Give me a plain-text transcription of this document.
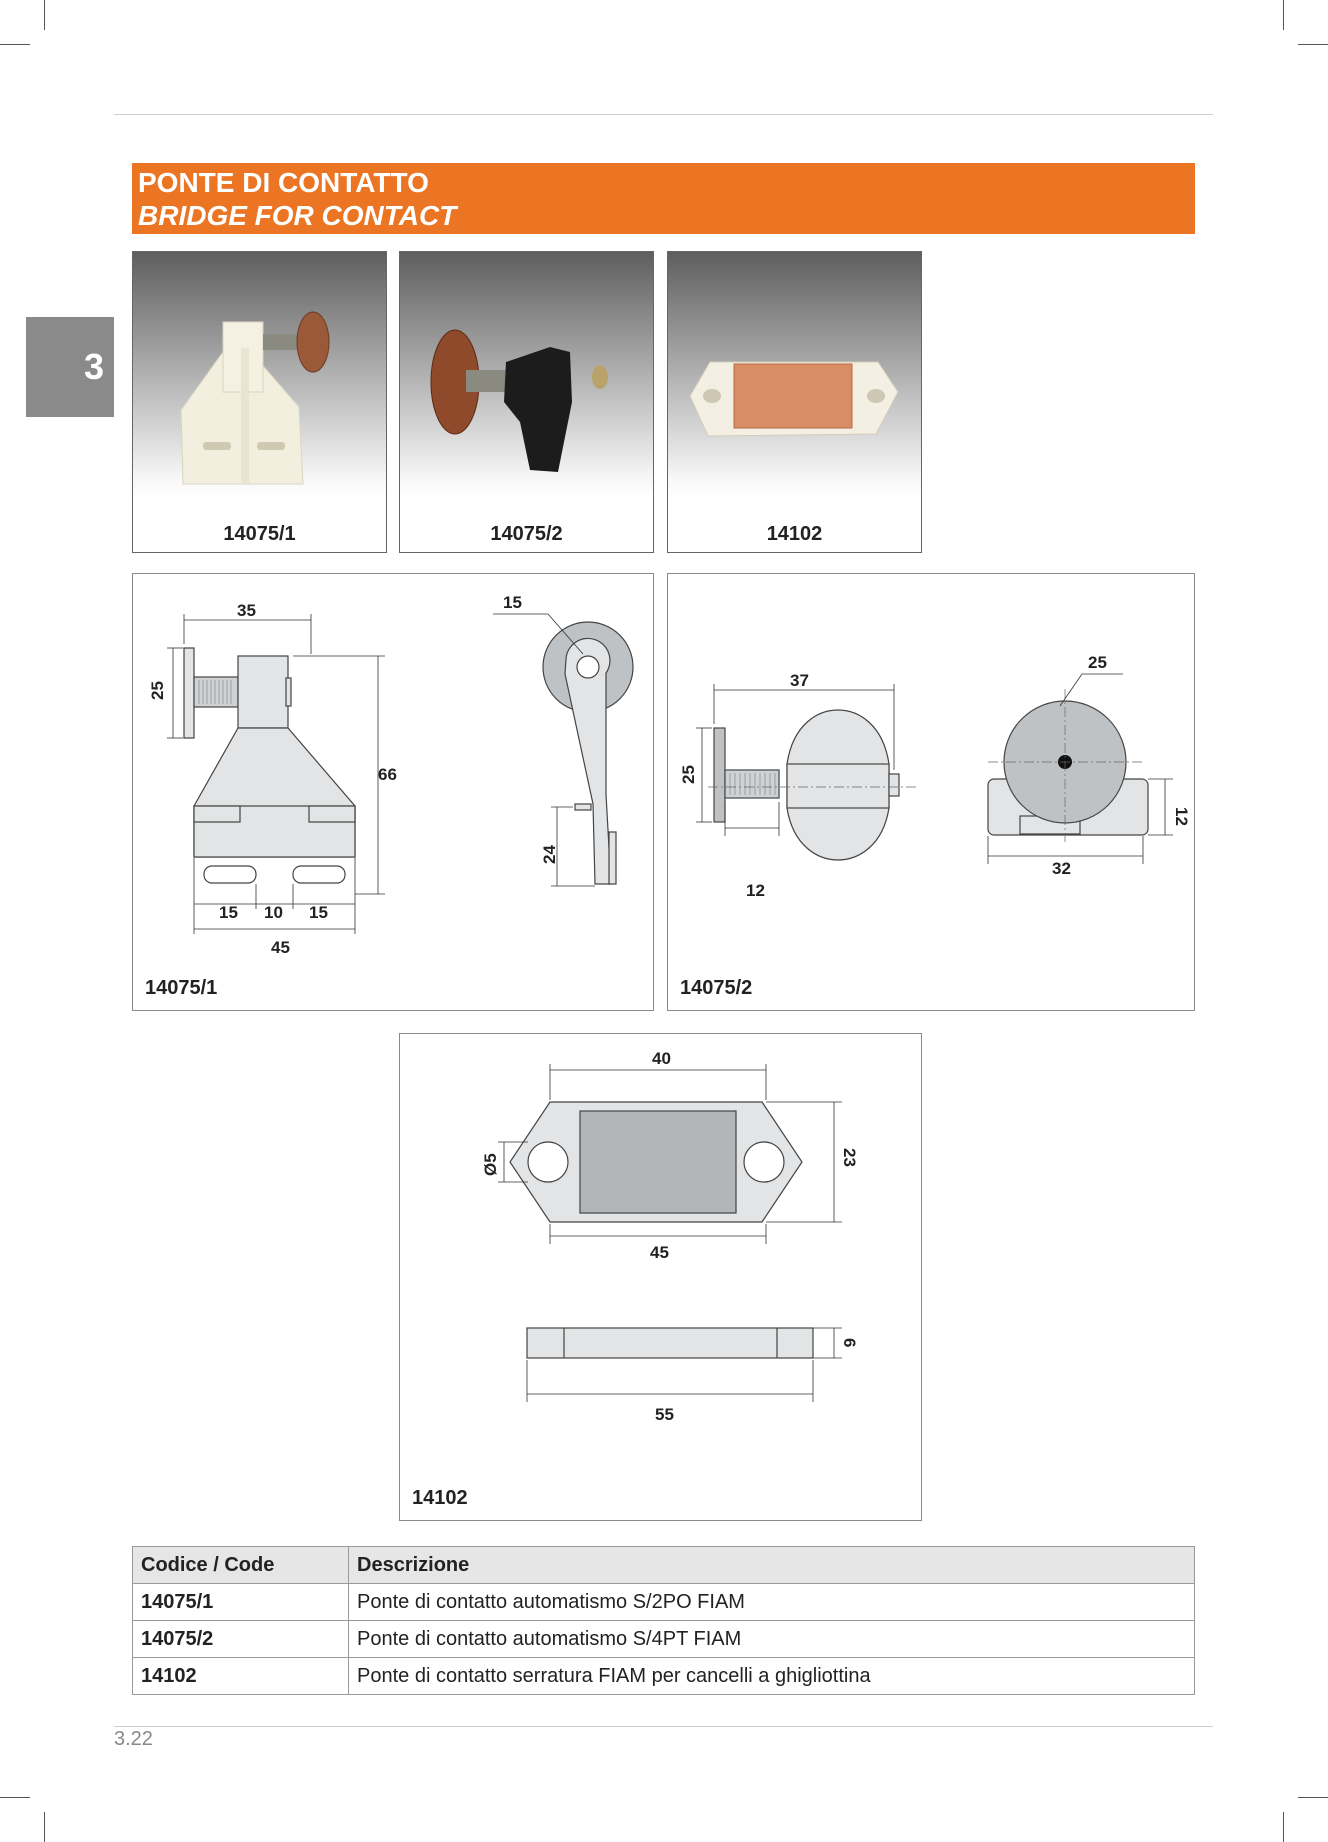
3
PONTE DI CONTATTO
BRIDGE FOR CONTACT
14075/1	14075/2	14102
35
25
66
15 10 15
45
15
24
14075/1
37
25
12
25
12
32
14075/2
40
Ø5	23
45
6
55
14102
Codice / Code	Descrizione
14075/1	Ponte di contatto automatismo S/2PO FIAM
14075/2	Ponte di contatto automatismo S/4PT FIAM
14102	Ponte di contatto serratura FIAM per cancelli a ghigliottina
3.22
